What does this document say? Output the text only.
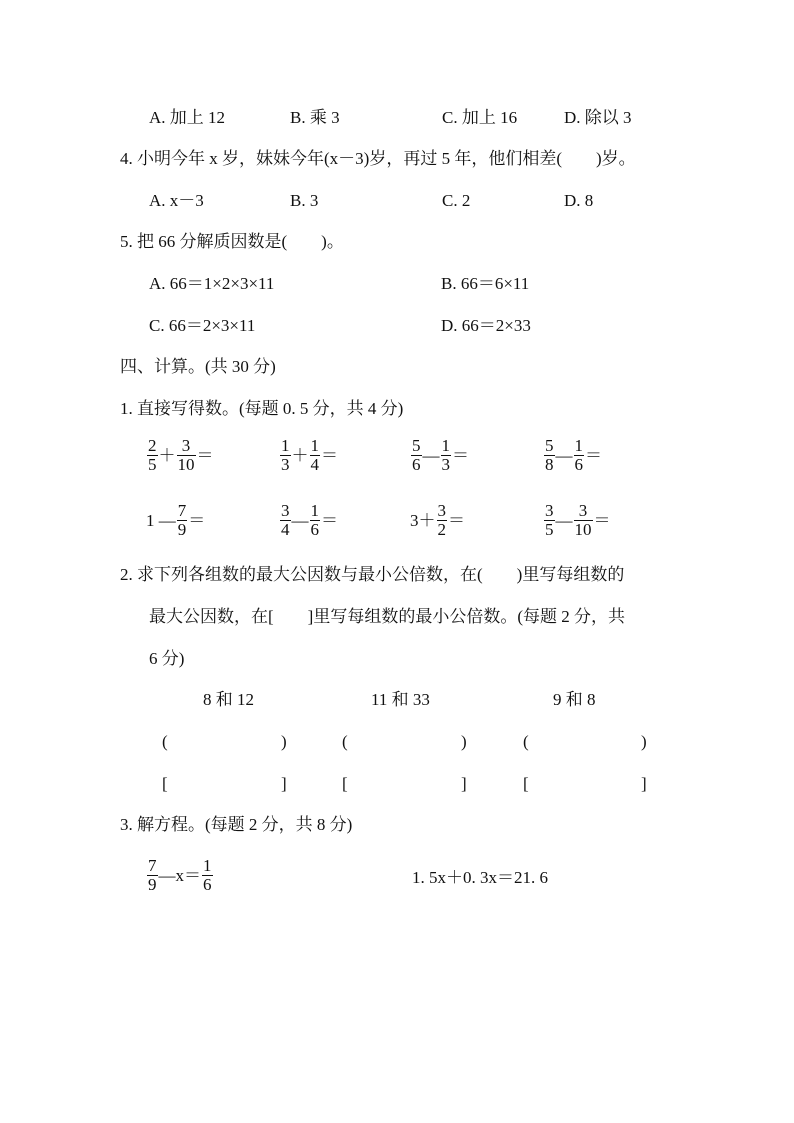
A. 加上 12	B. 乘 3	C. 加上 16	D. 除以 3
4. 小明今年 x 岁，妹妹今年(x－3)岁，再过 5 年，他们相差(　　)岁。
A. x－3	B. 3	C. 2	D. 8
5. 把 66 分解质因数是(　　)。
A. 66＝1×2×3×11	B. 66＝6×11
C. 66＝2×3×11	D. 66＝2×33
四、计算。(共 30 分)
1. 直接写得数。(每题 0. 5 分，共 4 分)
$\frac{2}{5} + \frac{3}{10}$ ＝	$\frac{1}{3} + \frac{1}{4}$ ＝	$\frac{5}{6}$ — $\frac{1}{3}$ ＝	$\frac{5}{8}$ — $\frac{1}{6}$ ＝
1 — $\frac{7}{9}$ ＝	$\frac{3}{4}$ — $\frac{1}{6}$ ＝	$3+ \frac{3}{2}$ ＝	$\frac{3}{5}$ — $\frac{3}{10}$ ＝
2. 求下列各组数的最大公因数与最小公倍数，在(　　)里写每组数的
最大公因数，在[　　]里写每组数的最小公倍数。(每题 2 分，共
6 分)
8 和 12	11 和 33	9 和 8
(	)	(	)	(	)
[	]	[	]	[	]
3. 解方程。(每题 2 分，共 8 分)
$\frac{7}{9}$ —x＝ $\frac{1}{6}$	1. 5x＋0. 3x＝21. 6
